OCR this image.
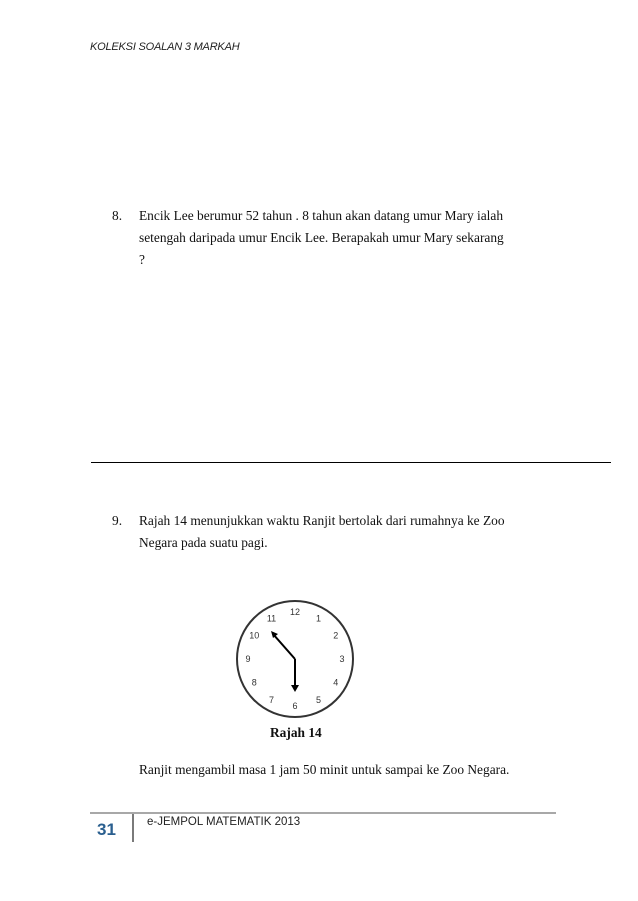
KOLEKSI SOALAN 3 MARKAH
8. Encik Lee berumur 52 tahun . 8 tahun akan datang umur Mary ialah
setengah daripada umur Encik Lee. Berapakah umur Mary sekarang
?
9. Rajah 14 menunjukkan waktu Ranjit bertolak dari rumahnya ke Zoo
Negara pada suatu pagi.
12
1
2
3
4
5
6
7
8
9
10
11
Rajah 14
Ranjit mengambil masa 1 jam 50 minit untuk sampai ke Zoo Negara.
31	e-JEMPOL MATEMATIK 2013
